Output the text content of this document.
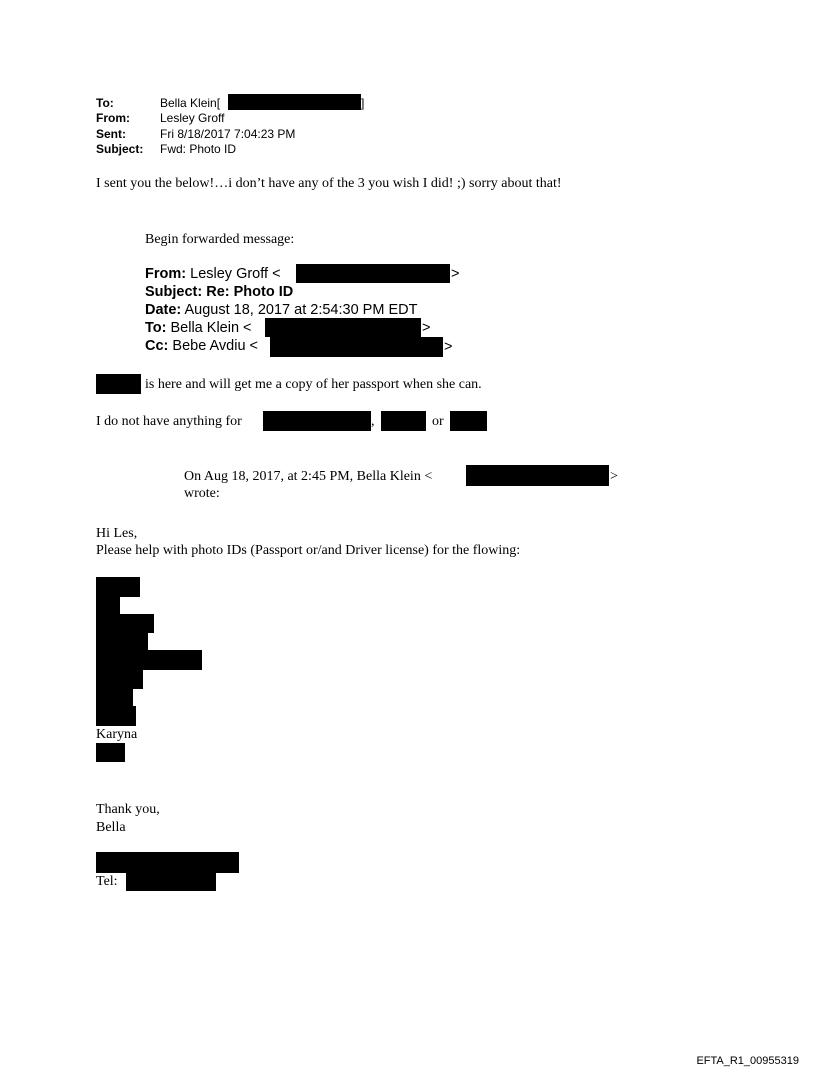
To:	Bella Klein[
From:	Lesley Groff
Sent:	Fri 8/18/2017 7:04:23 PM
Subject: Fwd: Photo ID
]
I sent you the below!…i don’t have any of the 3 you wish I did! ;) sorry about that!
Begin forwarded message:
From: Lesley Groff <	>
Subject: Re: Photo ID
Date: August 18, 2017 at 2:54:30 PM EDT
To: Bella Klein <	>
Cc: Bebe Avdiu <	>
is here and will get me a copy of her passport when she can.
I do not have anything for	,	or
On Aug 18, 2017, at 2:45 PM, Bella Klein <	>
wrote:
Hi Les,
Please help with photo IDs (Passport or/and Driver license) for the flowing:
Karyna
Thank you,
Bella
Tel:
EFTA_R1_00955319
